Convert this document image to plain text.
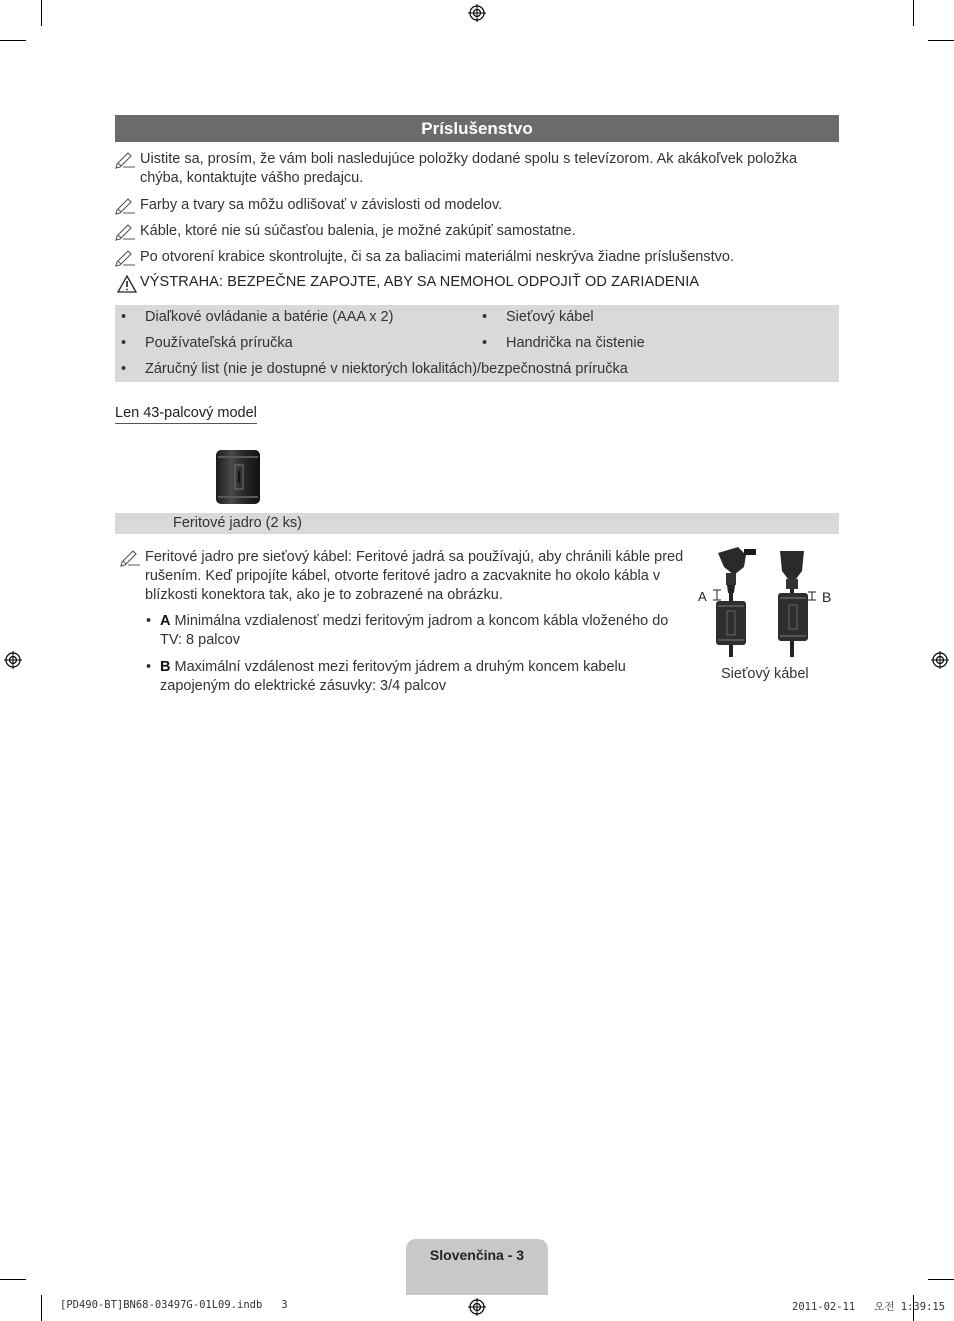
Príslušenstvo
Uistite sa, prosím, že vám boli nasledujúce položky dodané spolu s televízorom. Ak akákoľvek položka chýba, kontaktujte vášho predajcu.
Farby a tvary sa môžu odlišovať v závislosti od modelov.
Káble, ktoré nie sú súčasťou balenia, je možné zakúpiť samostatne.
Po otvorení krabice skontrolujte, či sa za baliacimi materiálmi neskrýva žiadne príslušenstvo.
VÝSTRAHA: BEZPEČNE ZAPOJTE, ABY SA NEMOHOL ODPOJIŤ OD ZARIADENIA
•	Diaľkové ovládanie a batérie (AAA x 2)	•	Sieťový kábel
•	Používateľská príručka	•	Handrička na čistenie
•	Záručný list (nie je dostupné v niektorých lokalitách)/bezpečnostná príručka
Len 43-palcový model
Feritové jadro (2 ks)
Feritové jadro pre sieťový kábel: Feritové jadrá sa používajú, aby chránili káble pred rušením. Keď pripojíte kábel, otvorte feritové jadro a zacvaknite ho okolo kábla v blízkosti konektora tak, ako je to zobrazené na obrázku.
• A Minimálna vzdialenosť medzi feritovým jadrom a koncom kábla vloženého do TV: 8 palcov
• B Maximální vzdálenost mezi feritovým jádrem a druhým koncem kabelu zapojeným do elektrické zásuvky: 3/4 palcov
A	B
Sieťový kábel
Slovenčina - 3
[PD490-BT]BN68-03497G-01L09.indb   3	2011-02-11   오전 1:39:15
